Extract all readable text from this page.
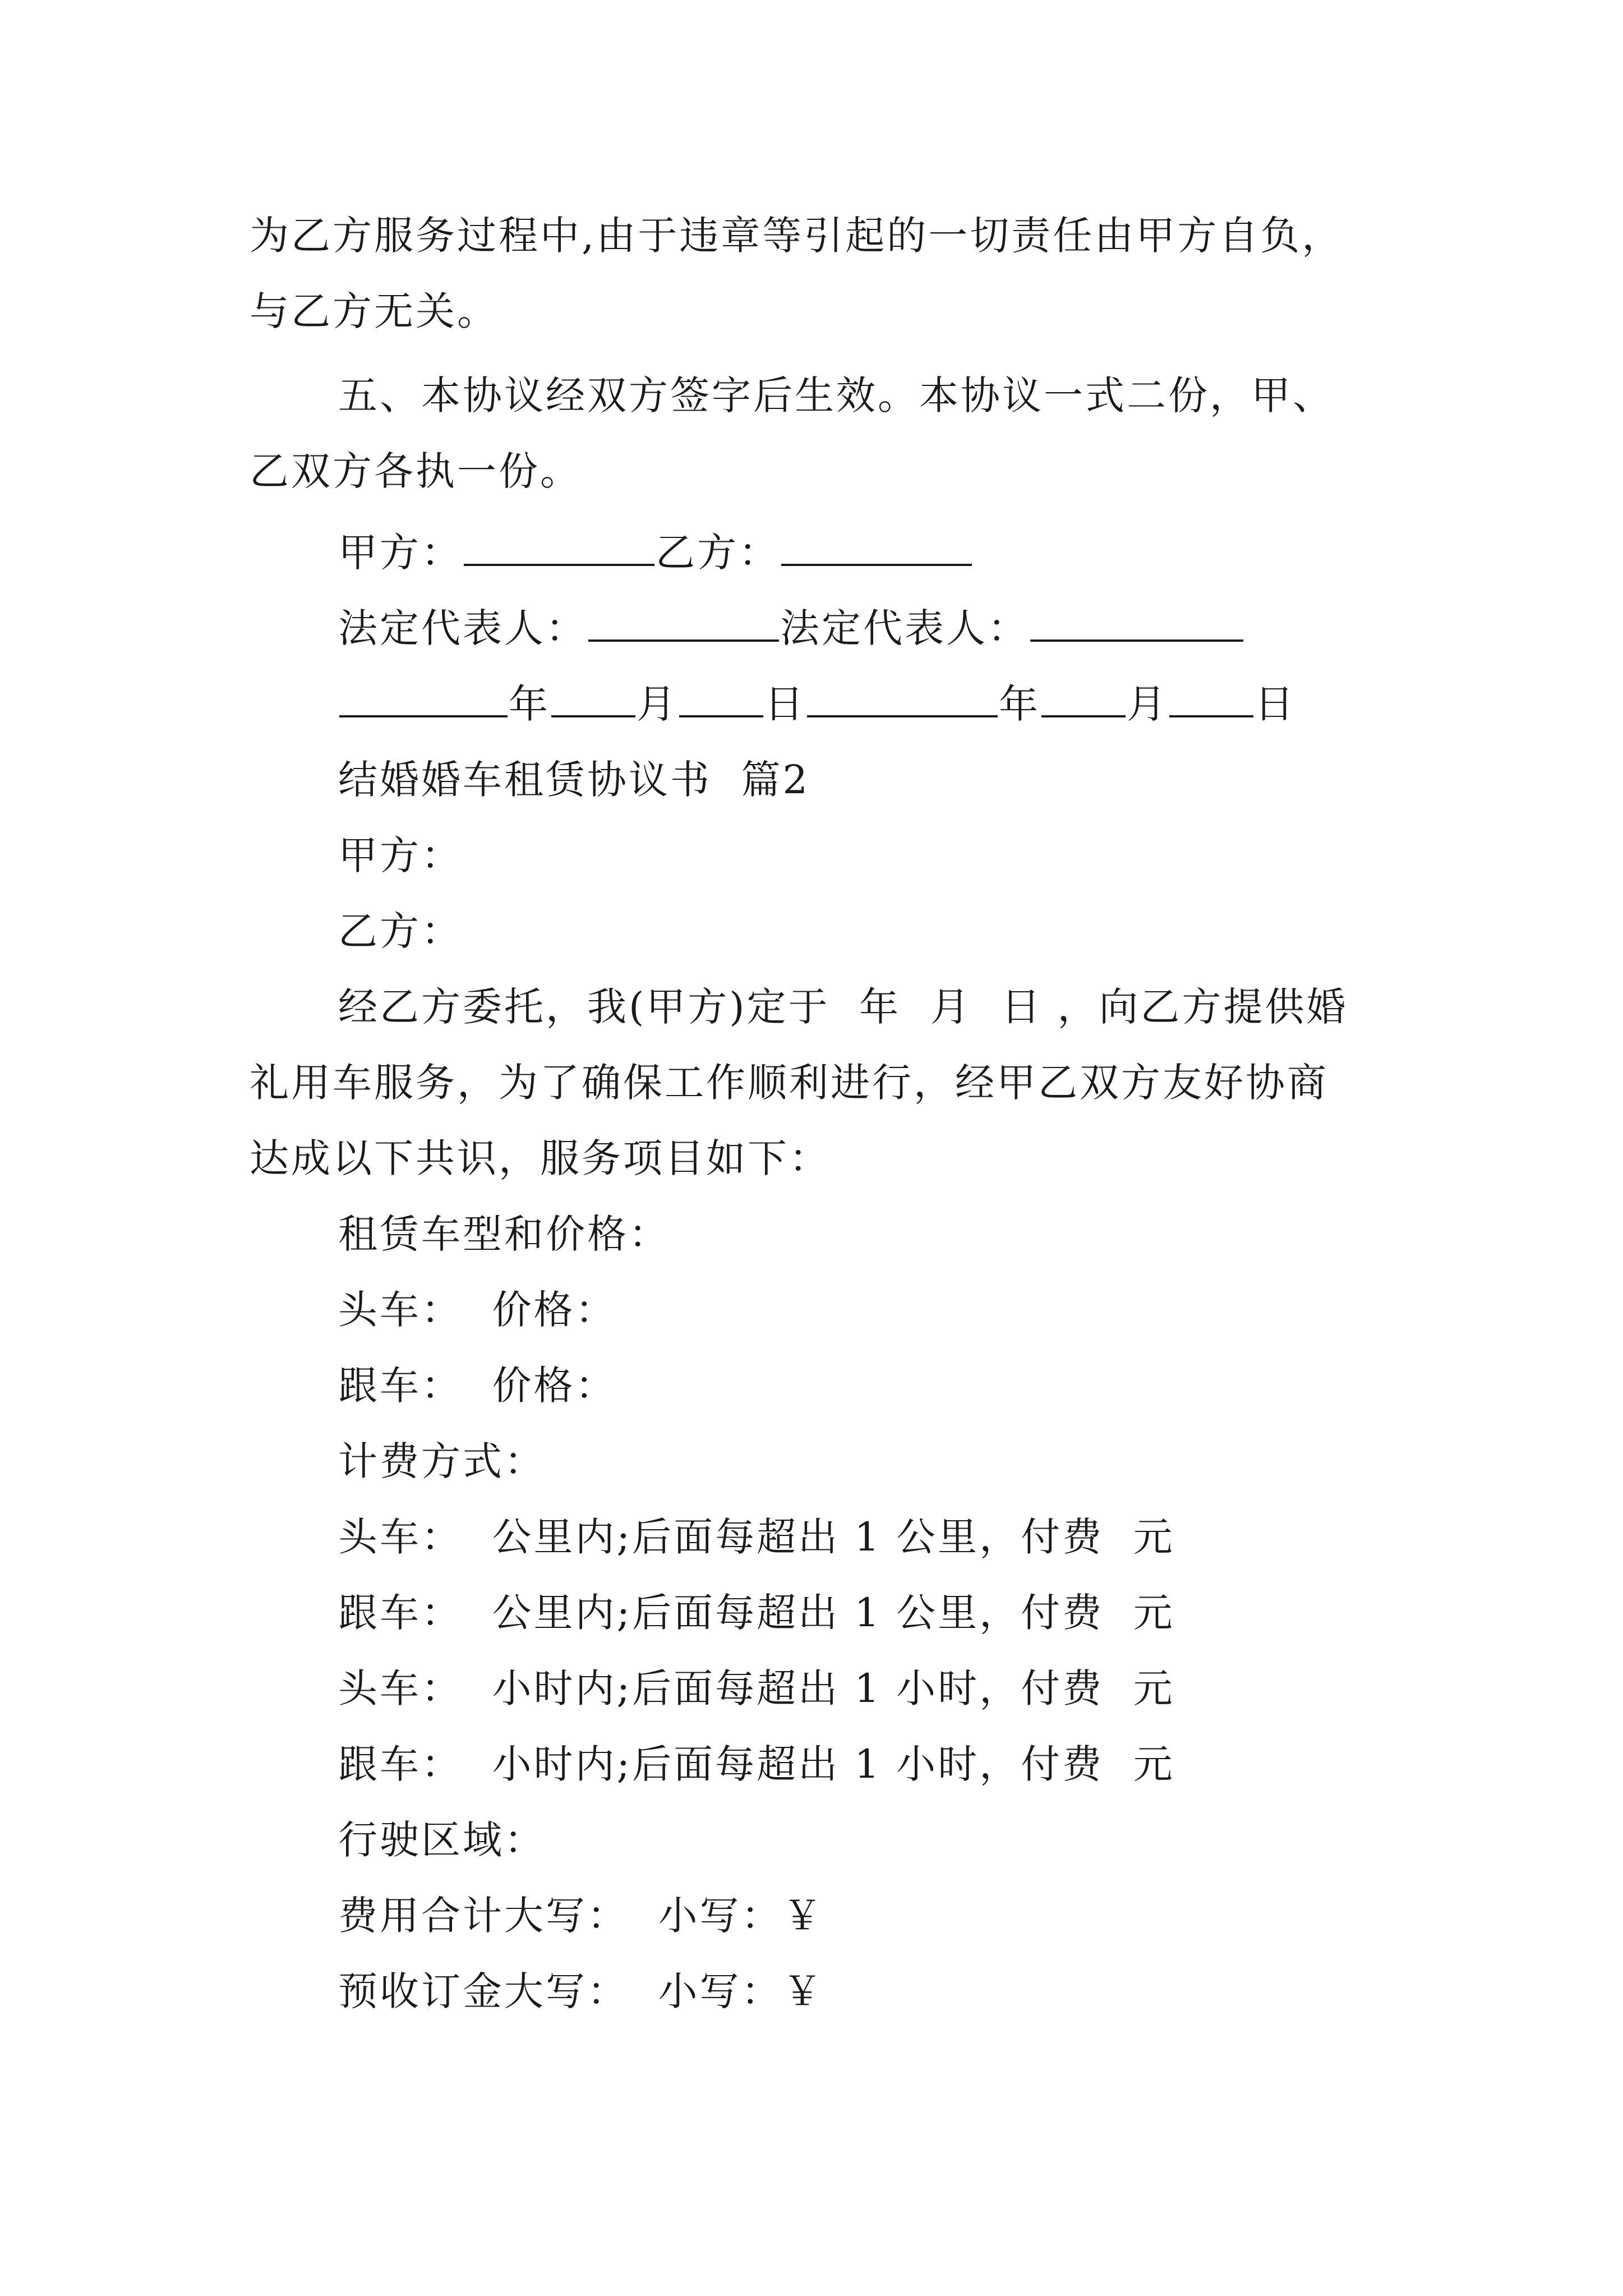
为乙方服务过程中,由于违章等引起的一切责任由甲方自负，
与乙方无关。
五、本协议经双方签字后生效。本协议一式二份，甲、
乙双方各执一份。
甲方：	乙方：
法定代表人：	法定代表人：
年 月 日	年 月 日
结婚婚车租赁协议书  篇2
甲方：
乙方：
经乙方委托，我(甲方)定于  年  月  日 ，向乙方提供婚
礼用车服务，为了确保工作顺利进行，经甲乙双方友好协商
达成以下共识，服务项目如下：
租赁车型和价格：
头车：  价格：
跟车：  价格：
计费方式：
头车：  公里内;后面每超出 1 公里，付费  元
跟车：  公里内;后面每超出 1 公里，付费  元
头车：  小时内;后面每超出 1 小时，付费  元
跟车：  小时内;后面每超出 1 小时，付费  元
行驶区域：
费用合计大写：  小写：￥
预收订金大写：  小写：￥
